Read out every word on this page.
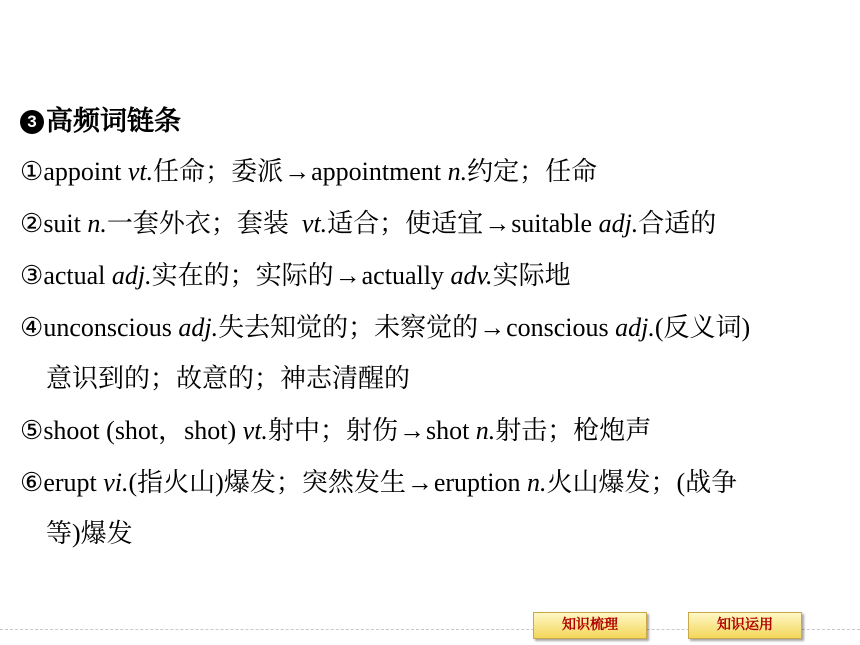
3 高频词链条
①appoint vt.任命；委派→appointment n.约定；任命
②suit n.一套外衣；套装 vt.适合；使适宜→suitable adj.合适的
③actual adj.实在的；实际的→actually adv.实际地
④unconscious adj.失去知觉的；未察觉的→conscious adj.(反义词)
意识到的；故意的；神志清醒的
⑤shoot (shot，shot) vt.射中；射伤→shot n.射击；枪炮声
⑥erupt vi.(指火山)爆发；突然发生→eruption n.火山爆发；(战争
等)爆发
知识梳理	知识运用
